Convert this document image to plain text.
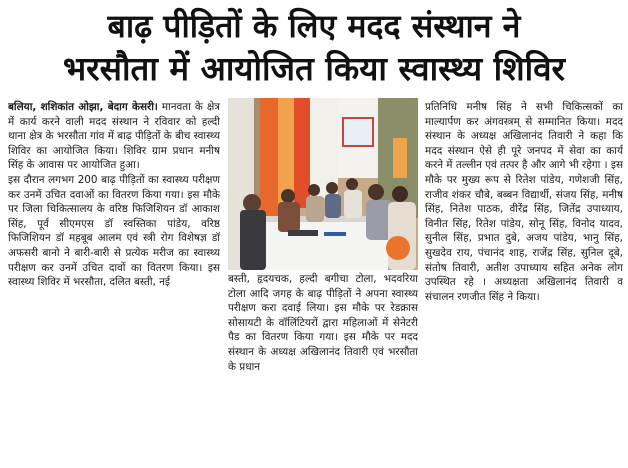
बाढ़ पीड़ितों के लिए मदद संस्थान ने
भरसौता में आयोजित किया स्वास्थ्य शिविर

बलिया, शशिकांत ओझा, बेदाग केसरी। मानवता के क्षेत्र में कार्य करने वाली मदद संस्थान ने रविवार को हल्दी थाना क्षेत्र के भरसौता गांव में बाढ़ पीड़ितों के बीच स्वास्थ्य शिविर का आयोजित किया। शिविर ग्राम प्रधान मनीष सिंह के आवास पर आयोजित हुआ।

इस दौरान लगभग 200 बाढ़ पीड़ितों का स्वास्थ्य परीक्षण कर उनमें उचित दवाओं का वितरण किया गया। इस मौके पर जिला चिकित्सालय के वरिष्ठ फिजिशियन डॉ आकाश सिंह, पूर्व सीएमएस डॉ स्वस्तिका पांडेय, वरिष्ठ फिजिशियन डॉ महबूब आलम एवं स्त्री रोग विशेषज्ञ डॉ अफसरी बानो ने बारी-बारी से प्रत्येक मरीज का स्वास्थ्य परीक्षण कर उनमें उचित दावों का वितरण किया। इस स्वास्थ्य शिविर में भरसौता, दलित बस्ती, नई	बस्ती, हृदयचक, हल्दी बगीचा टोला, भदवरिया टोला आदि जगह के बाढ़ पीड़ितों ने अपना स्वास्थ्य परीक्षण करा दवाई लिया। इस मौके पर रेडक्रास सोसायटी के वॉलिंटियरों द्वारा महिलाओं में सेनेटरी पैड का वितरण किया गया। इस मौके पर मदद संस्थान के अध्यक्ष अखिलानंद तिवारी एवं भरसौता के प्रधान

प्रतिनिधि मनीष सिंह ने सभी चिकित्सकों का माल्यार्पण कर अंगवस्त्रम् से सम्मानित किया। मदद संस्थान के अध्यक्ष अखिलानंद तिवारी ने कहा कि मदद संस्थान ऐसे ही पूरे जनपद में सेवा का कार्य करने में तल्लीन एवं तत्पर है और आगे भी रहेगा । इस मौके पर मुख्य रूप से रितेश पांडेय, गणेशजी सिंह, राजीव शंकर चौबे, बब्बन विद्यार्थी, संजय सिंह, मनीष सिंह, नितेश पाठक, वीरेंद्र सिंह, जितेंद्र उपाध्याय, विनीत सिंह, रितेश पांडेय, सोनू सिंह, विनोद यादव, सुनील सिंह, प्रभात दुबे, अजय पांडेय, भानु सिंह, सुखदेव राय, पंचानंद शाह, राजेंद्र सिंह, सुनिल दूबे, संतोष तिवारी, अतीश उपाध्याय सहित अनेक लोग उपस्थित रहे । अध्यक्षता अखिलानंद तिवारी व संचालन रणजीत सिंह ने किया।
